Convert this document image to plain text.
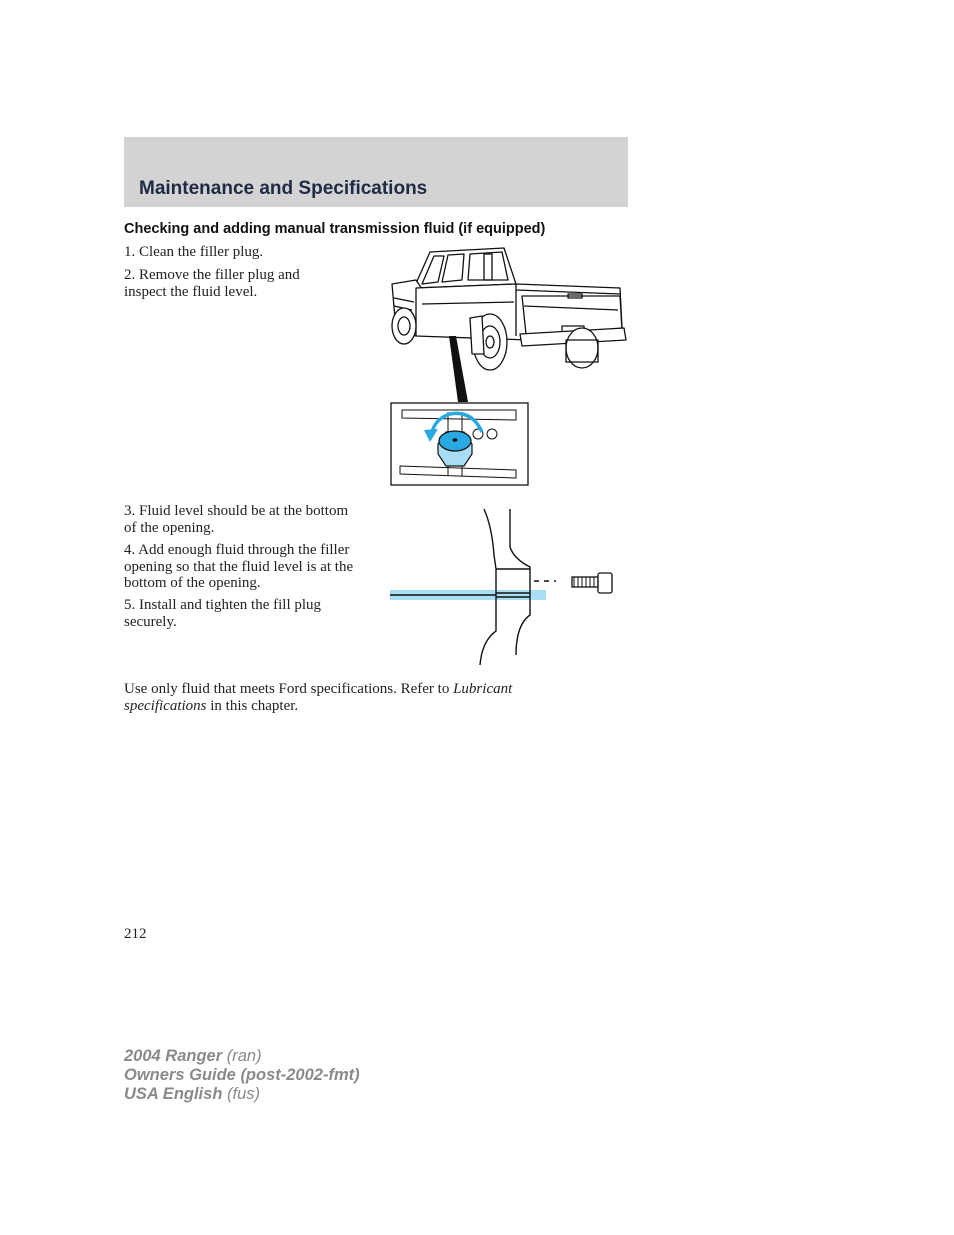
Maintenance and Specifications
Checking and adding manual transmission fluid (if equipped)

1. Clean the filler plug.

2. Remove the filler plug and inspect the fluid level.

3. Fluid level should be at the bottom of the opening.

4. Add enough fluid through the filler opening so that the fluid level is at the bottom of the opening.

5. Install and tighten the fill plug securely.

Use only fluid that meets Ford specifications. Refer to Lubricant specifications in this chapter.

212
2004 Ranger (ran)
Owners Guide (post-2002-fmt)
USA English (fus)
